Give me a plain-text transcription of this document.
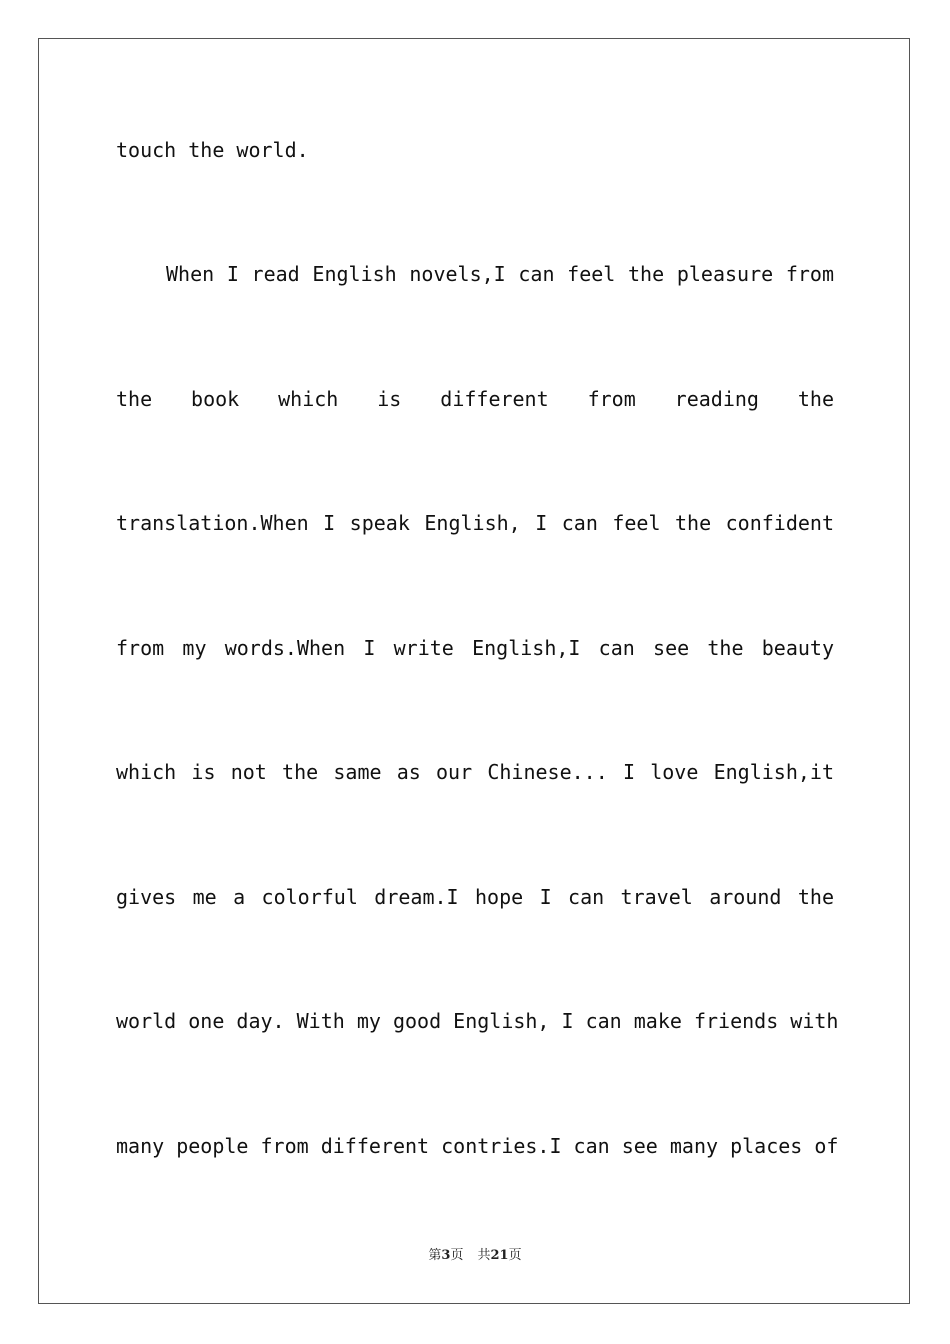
touch the world.
When I read English novels,I can feel the pleasure from
the book which is different from reading the
translation.When I speak English, I can feel the confident
from my words.When I write English,I can see the beauty
which is not the same as our Chinese... I love English,it
gives me a colorful dream.I hope I can travel around the
world one day. With my good English, I can make friends with
many people from different contries.I can see many places of
第3页 共21页
